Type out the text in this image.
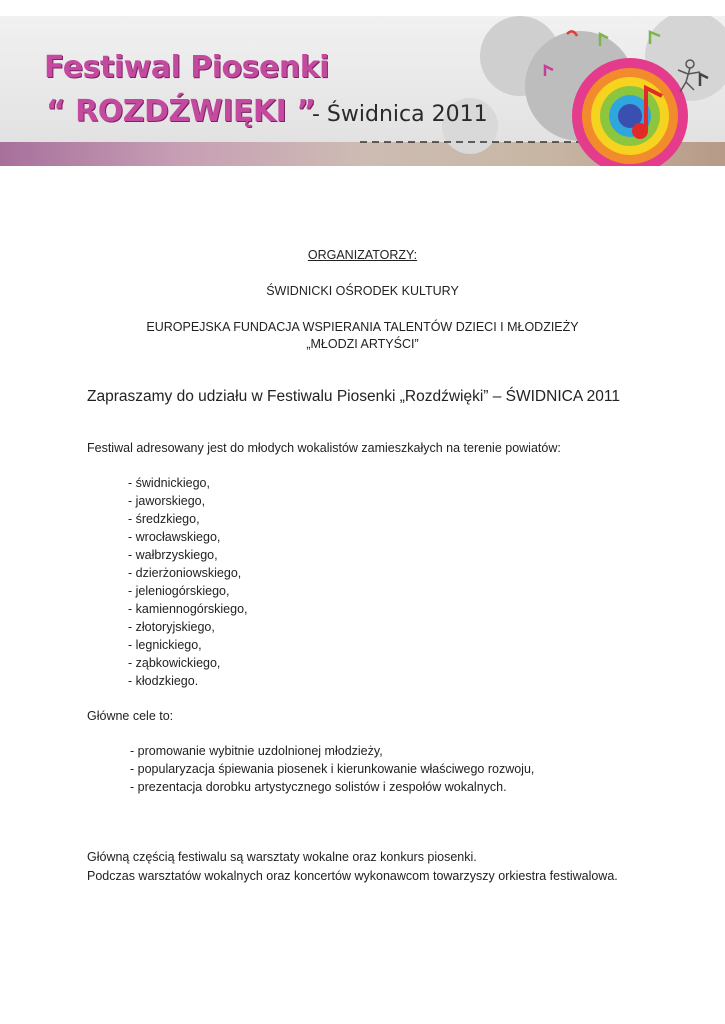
Festiwal Piosenki
“ ROZDŹWIĘKI ”
- Świdnica 2011
ORGANIZATORZY:
ŚWIDNICKI OŚRODEK KULTURY
EUROPEJSKA FUNDACJA WSPIERANIA TALENTÓW DZIECI I MŁODZIEŻY
„MŁODZI ARTYŚCI”
Zapraszamy do udziału w Festiwalu Piosenki „Rozdźwięki” – ŚWIDNICA 2011
Festiwal adresowany jest do młodych wokalistów zamieszkałych na terenie powiatów:
- świdnickiego,
- jaworskiego,
- średzkiego,
- wrocławskiego,
- wałbrzyskiego,
- dzierżoniowskiego,
- jeleniogórskiego,
- kamiennogórskiego,
- złotoryjskiego,
- legnickiego,
- ząbkowickiego,
- kłodzkiego.
Główne cele to:
- promowanie wybitnie uzdolnionej młodzieży,
- popularyzacja śpiewania piosenek i kierunkowanie właściwego rozwoju,
- prezentacja dorobku artystycznego solistów i zespołów wokalnych.
Główną częścią festiwalu są warsztaty wokalne oraz konkurs piosenki.
Podczas warsztatów wokalnych oraz koncertów wykonawcom towarzyszy orkiestra festiwalowa.
